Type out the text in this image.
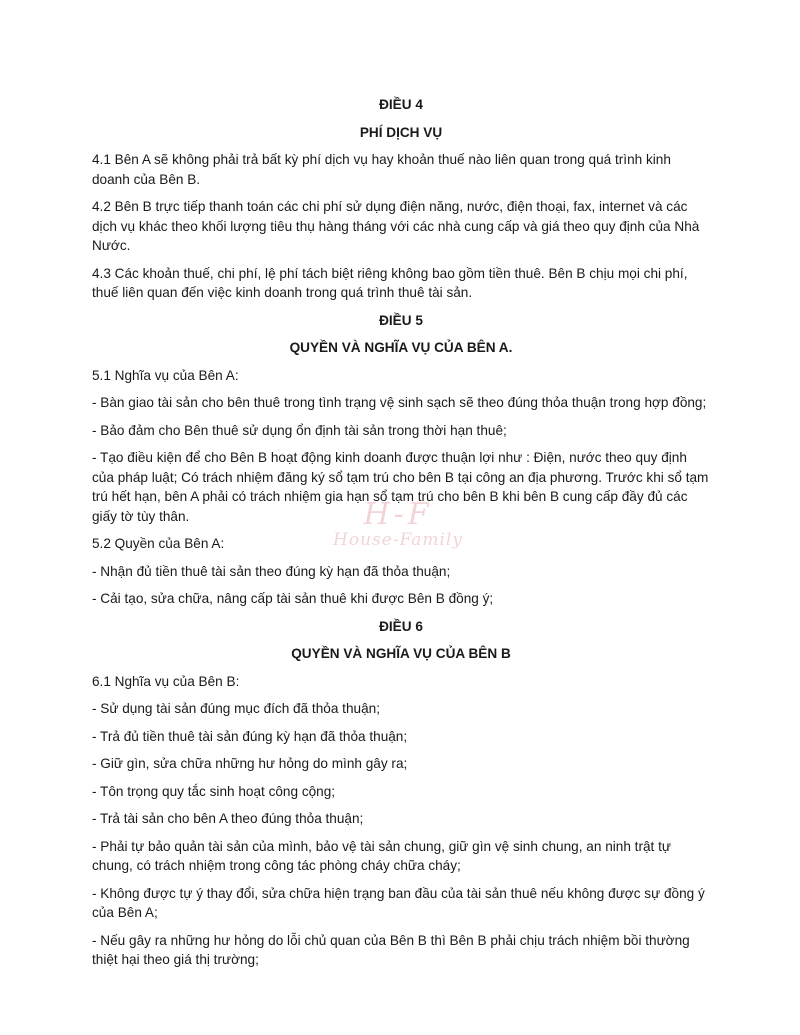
ĐIỀU 4
PHÍ DỊCH VỤ
4.1 Bên A sẽ không phải trả bất kỳ phí dịch vụ hay khoản thuế nào liên quan trong quá trình kinh doanh của Bên B.
4.2 Bên B trực tiếp thanh toán các chi phí sử dụng điện năng, nước, điện thoại, fax, internet và các dịch vụ khác theo khối lượng tiêu thụ hàng tháng với các nhà cung cấp và giá theo quy định của Nhà Nước.
4.3 Các khoản thuế, chi phí, lệ phí tách biệt riêng không bao gồm tiền thuê. Bên B chịu mọi chi phí, thuế liên quan đến việc kinh doanh trong quá trình thuê tài sản.
ĐIỀU 5
QUYỀN VÀ NGHĨA VỤ CỦA BÊN A.
5.1 Nghĩa vụ của Bên A:
- Bàn giao tài sản cho bên thuê trong tình trạng vệ sinh sạch sẽ theo đúng thỏa thuận trong hợp đồng;
- Bảo đảm cho Bên thuê sử dụng ổn định tài sản trong thời hạn thuê;
- Tạo điều kiện để cho Bên B hoạt động kinh doanh được thuận lợi như : Điện, nước theo quy định của pháp luật; Có trách nhiệm đăng ký sổ tạm trú cho bên B tại công an địa phương. Trước khi sổ tạm trú hết hạn, bên A phải có trách nhiệm gia hạn sổ tạm trú cho bên B khi bên B cung cấp đầy đủ các giấy tờ tùy thân.
5.2 Quyền của Bên A:
- Nhận đủ tiền thuê tài sản theo đúng kỳ hạn đã thỏa thuận;
- Cải tạo, sửa chữa, nâng cấp tài sản thuê khi được Bên B đồng ý;
ĐIỀU 6
QUYỀN VÀ NGHĨA VỤ CỦA BÊN B
6.1 Nghĩa vụ của Bên B:
- Sử dụng tài sản đúng mục đích đã thỏa thuận;
- Trả đủ tiền thuê tài sản đúng kỳ hạn đã thỏa thuận;
- Giữ gìn, sửa chữa những hư hỏng do mình gây ra;
- Tôn trọng quy tắc sinh hoạt công cộng;
- Trả tài sản cho bên A theo đúng thỏa thuận;
- Phải tự bảo quản tài sản của mình, bảo vệ tài sản chung, giữ gìn vệ sinh chung, an ninh trật tự chung, có trách nhiệm trong công tác phòng cháy chữa cháy;
- Không được tự ý thay đổi, sửa chữa hiện trạng ban đầu của tài sản thuê nếu không được sự đồng ý của Bên A;
- Nếu gây ra những hư hỏng do lỗi chủ quan của Bên B thì Bên B phải chịu trách nhiệm bồi thường thiệt hại theo giá thị trường;
H-F
House-Family
